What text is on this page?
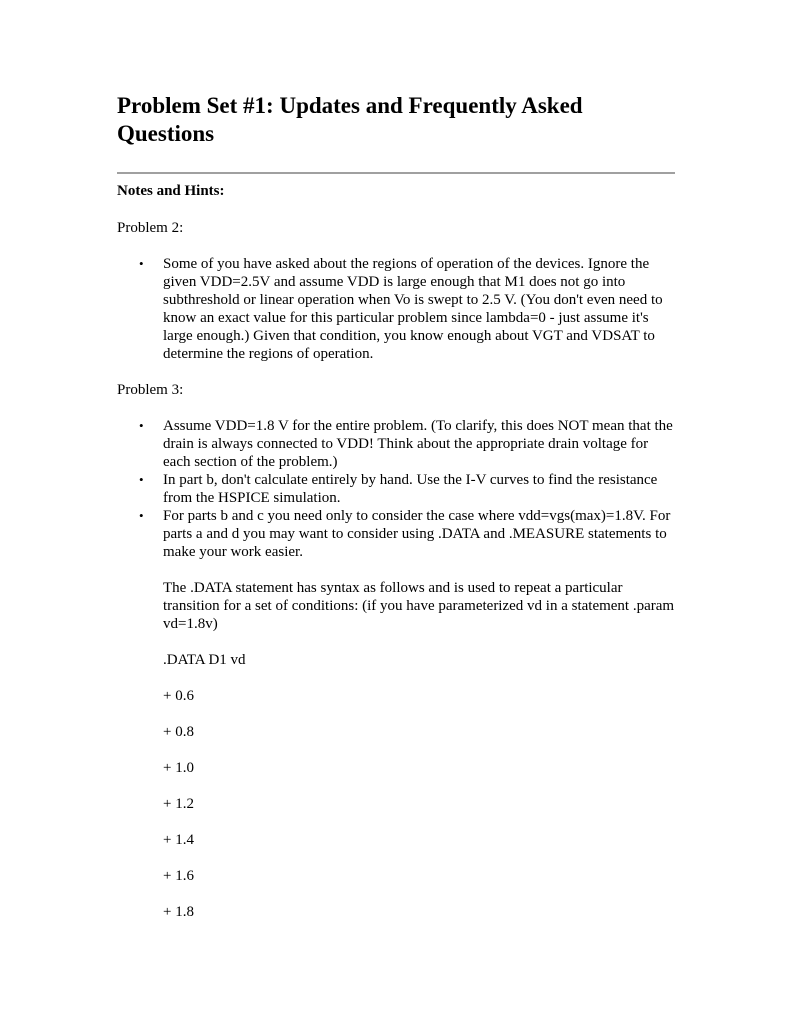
Problem Set #1: Updates and Frequently Asked Questions
Notes and Hints:
Problem 2:
• Some of you have asked about the regions of operation of the devices. Ignore the given VDD=2.5V and assume VDD is large enough that M1 does not go into subthreshold or linear operation when Vo is swept to 2.5 V. (You don't even need to know an exact value for this particular problem since lambda=0 - just assume it's large enough.) Given that condition, you know enough about VGT and VDSAT to determine the regions of operation.
Problem 3:
• Assume VDD=1.8 V for the entire problem. (To clarify, this does NOT mean that the drain is always connected to VDD! Think about the appropriate drain voltage for each section of the problem.)
• In part b, don't calculate entirely by hand. Use the I-V curves to find the resistance from the HSPICE simulation.
• For parts b and c you need only to consider the case where vdd=vgs(max)=1.8V. For parts a and d you may want to consider using .DATA and .MEASURE statements to make your work easier.
The .DATA statement has syntax as follows and is used to repeat a particular transition for a set of conditions: (if you have parameterized vd in a statement .param vd=1.8v)
.DATA D1 vd
+ 0.6
+ 0.8
+ 1.0
+ 1.2
+ 1.4
+ 1.6
+ 1.8
